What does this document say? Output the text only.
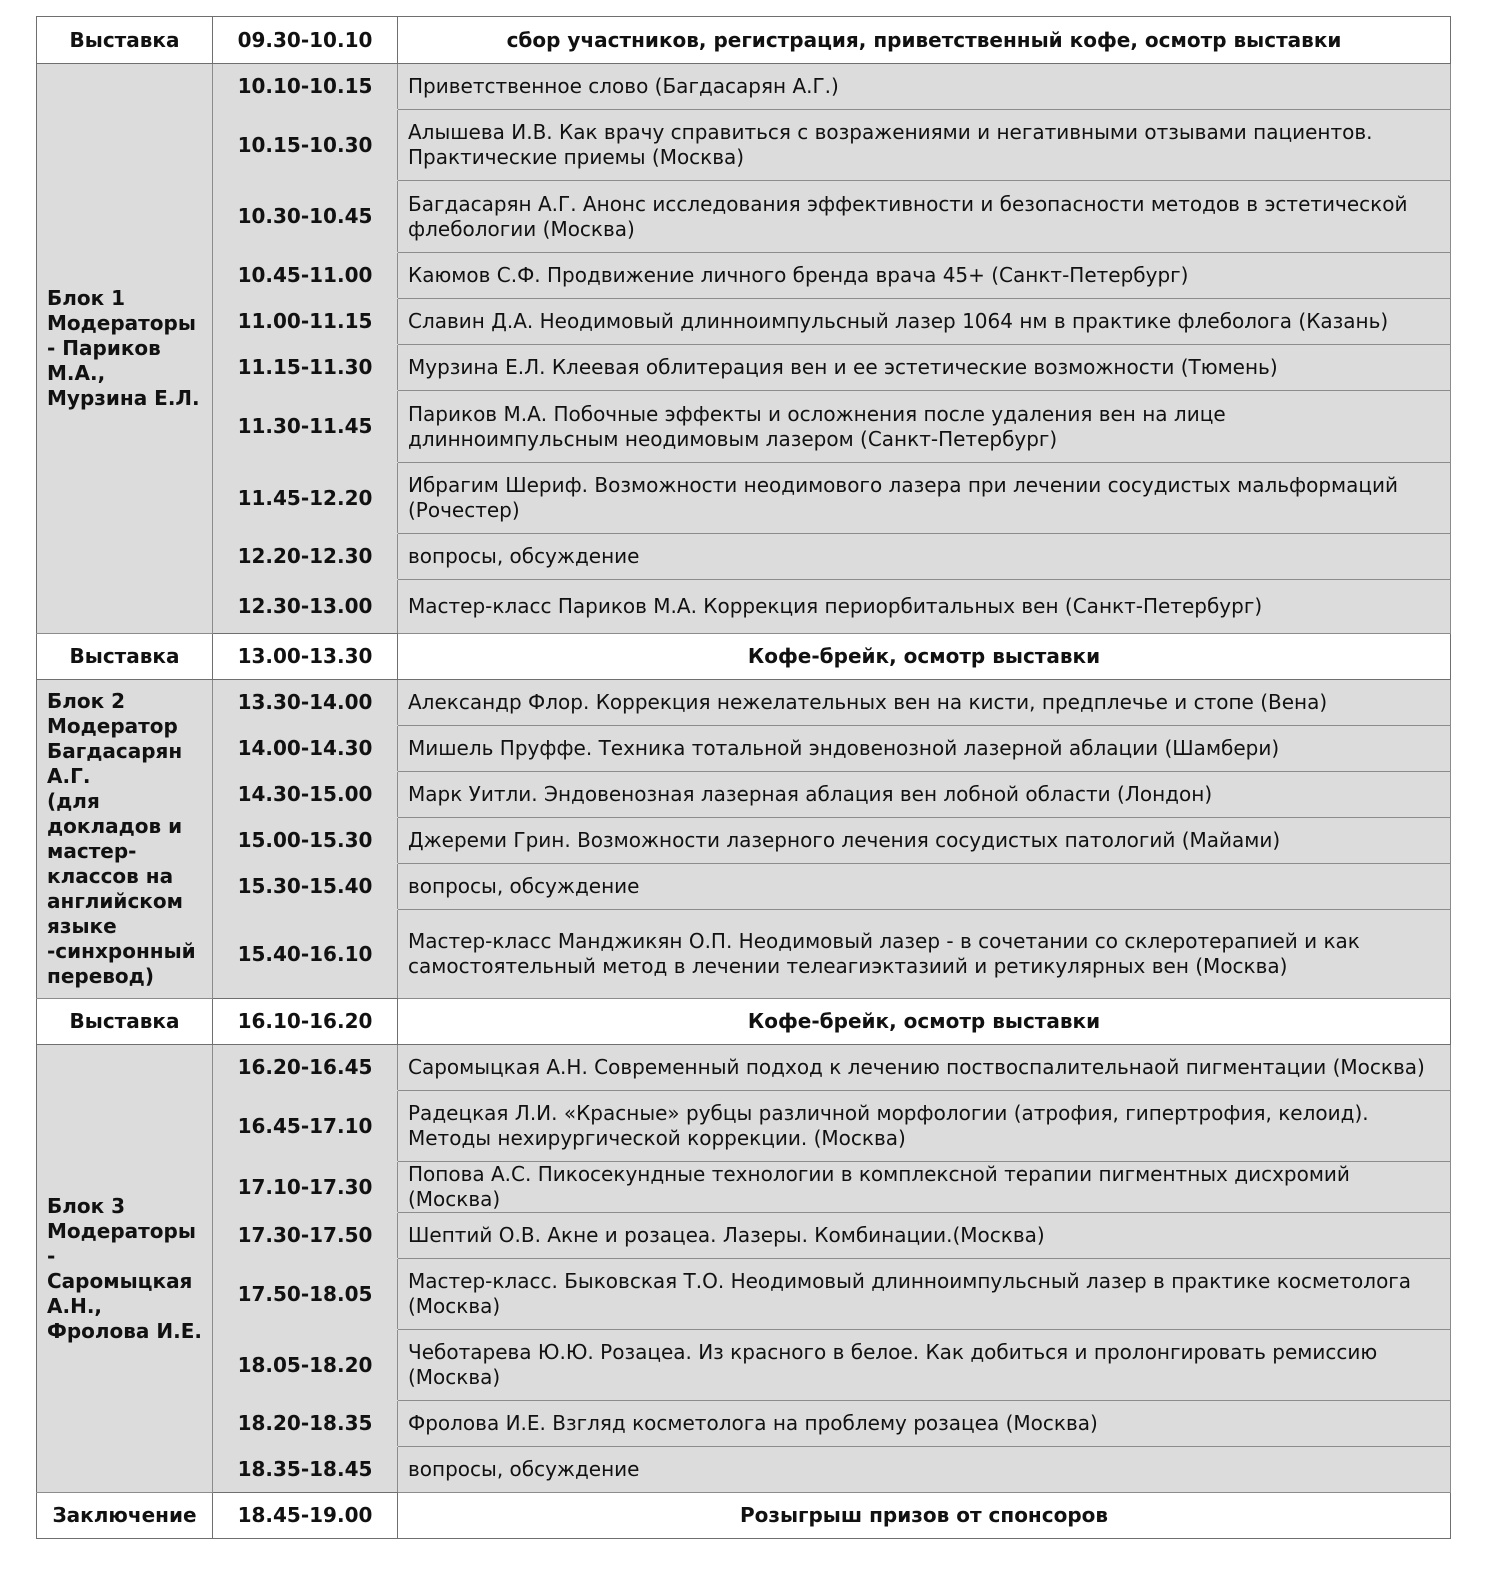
Выставка	09.30-10.10	сбор участников, регистрация, приветственный кофе, осмотр выставки
Блок 1
Модераторы - Париков М.А., Мурзина Е.Л.	10.10-10.15	Приветственное слово (Багдасарян А.Г.)
	10.15-10.30	Алышева И.В. Как врачу справиться с возражениями и негативными отзывами пациентов. Практические приемы (Москва)
	10.30-10.45	Багдасарян А.Г. Анонс исследования эффективности и безопасности методов в эстетической флебологии (Москва)
	10.45-11.00	Каюмов С.Ф. Продвижение личного бренда врача 45+ (Санкт-Петербург)
	11.00-11.15	Славин Д.А. Неодимовый длинноимпульсный лазер 1064 нм в практике флеболога (Казань)
	11.15-11.30	Мурзина Е.Л. Клеевая облитерация вен и ее эстетические возможности (Тюмень)
	11.30-11.45	Париков М.А. Побочные эффекты и осложнения после удаления вен на лице длинноимпульсным неодимовым лазером (Санкт-Петербург)
	11.45-12.20	Ибрагим Шериф. Возможности неодимового лазера при лечении сосудистых мальформаций (Рочестер)
	12.20-12.30	вопросы, обсуждение
	12.30-13.00	Мастер-класс Париков М.А. Коррекция периорбитальных вен (Санкт-Петербург)
Выставка	13.00-13.30	Кофе-брейк, осмотр выставки
Блок 2
Модератор Багдасарян А.Г.
(для докладов и мастер-классов на английском языке -синхронный перевод)	13.30-14.00	Александр Флор. Коррекция нежелательных вен на кисти, предплечье и стопе (Вена)
	14.00-14.30	Мишель Пруффе. Техника тотальной эндовенозной лазерной аблации (Шамбери)
	14.30-15.00	Марк Уитли. Эндовенозная лазерная аблация вен лобной области (Лондон)
	15.00-15.30	Джереми Грин. Возможности лазерного лечения сосудистых патологий (Майами)
	15.30-15.40	вопросы, обсуждение
	15.40-16.10	Мастер-класс Манджикян О.П. Неодимовый лазер - в сочетании со склеротерапией и как самостоятельный метод в лечении телеагиэктазиий и ретикулярных вен (Москва)
Выставка	16.10-16.20	Кофе-брейк, осмотр выставки
Блок 3
Модераторы - Саромыцкая А.Н.,
Фролова И.Е.	16.20-16.45	Саромыцкая А.Н. Современный подход к лечению поствоспалительнаой пигментации (Москва)
	16.45-17.10	Радецкая Л.И. «Красные» рубцы различной морфологии (атрофия, гипертрофия, келоид). Методы нехирургической коррекции. (Москва)
	17.10-17.30	Попова А.С. Пикосекундные технологии в комплексной терапии пигментных дисхромий (Москва)
	17.30-17.50	Шептий О.В. Акне и розацеа. Лазеры. Комбинации.(Москва)
	17.50-18.05	Мастер-класс. Быковская Т.О. Неодимовый длинноимпульсный лазер в практике косметолога (Москва)
	18.05-18.20	Чеботарева Ю.Ю. Розацеа. Из красного в белое. Как добиться и пролонгировать ремиссию (Москва)
	18.20-18.35	Фролова И.Е. Взгляд косметолога на проблему розацеа (Москва)
	18.35-18.45	вопросы, обсуждение
Заключение	18.45-19.00	Розыгрыш призов от спонсоров
